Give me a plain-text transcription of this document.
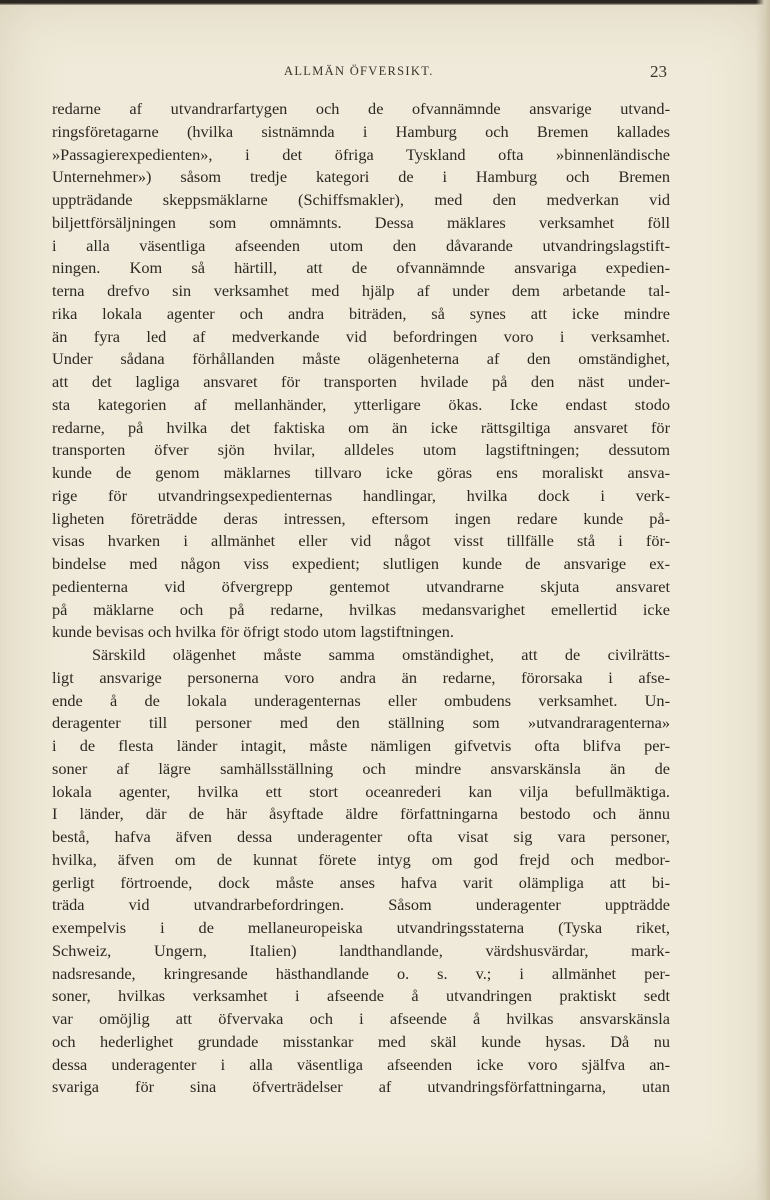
ALLMÄN ÖFVERSIKT.	23
redarne af utvandrarfartygen och de ofvannämnde ansvarige utvand-
ringsföretagarne (hvilka sistnämnda i Hamburg och Bremen kallades
»Passagierexpedienten», i det öfriga Tyskland ofta »binnenländische
Unternehmer») såsom tredje kategori de i Hamburg och Bremen
uppträdande skeppsmäklarne (Schiffsmakler), med den medverkan vid
biljettförsäljningen som omnämnts. Dessa mäklares verksamhet föll
i alla väsentliga afseenden utom den dåvarande utvandringslagstift-
ningen. Kom så härtill, att de ofvannämnde ansvariga expedien-
terna drefvo sin verksamhet med hjälp af under dem arbetande tal-
rika lokala agenter och andra biträden, så synes att icke mindre
än fyra led af medverkande vid befordringen voro i verksamhet.
Under sådana förhållanden måste olägenheterna af den omständighet,
att det lagliga ansvaret för transporten hvilade på den näst under-
sta kategorien af mellanhänder, ytterligare ökas. Icke endast stodo
redarne, på hvilka det faktiska om än icke rättsgiltiga ansvaret för
transporten öfver sjön hvilar, alldeles utom lagstiftningen; dessutom
kunde de genom mäklarnes tillvaro icke göras ens moraliskt ansva-
rige för utvandringsexpedienternas handlingar, hvilka dock i verk-
ligheten företrädde deras intressen, eftersom ingen redare kunde på-
visas hvarken i allmänhet eller vid något visst tillfälle stå i för-
bindelse med någon viss expedient; slutligen kunde de ansvarige ex-
pedienterna vid öfvergrepp gentemot utvandrarne skjuta ansvaret
på mäklarne och på redarne, hvilkas medansvarighet emellertid icke
kunde bevisas och hvilka för öfrigt stodo utom lagstiftningen.
Särskild olägenhet måste samma omständighet, att de civilrätts-
ligt ansvarige personerna voro andra än redarne, förorsaka i afse-
ende å de lokala underagenternas eller ombudens verksamhet. Un-
deragenter till personer med den ställning som »utvandraragenterna»
i de flesta länder intagit, måste nämligen gifvetvis ofta blifva per-
soner af lägre samhällsställning och mindre ansvarskänsla än de
lokala agenter, hvilka ett stort oceanrederi kan vilja befullmäktiga.
I länder, där de här åsyftade äldre författningarna bestodo och ännu
bestå, hafva äfven dessa underagenter ofta visat sig vara personer,
hvilka, äfven om de kunnat förete intyg om god frejd och medbor-
gerligt förtroende, dock måste anses hafva varit olämpliga att bi-
träda vid utvandrarbefordringen. Såsom underagenter uppträdde
exempelvis i de mellaneuropeiska utvandringsstaterna (Tyska riket,
Schweiz, Ungern, Italien) landthandlande, värdshusvärdar, mark-
nadsresande, kringresande hästhandlande o. s. v.; i allmänhet per-
soner, hvilkas verksamhet i afseende å utvandringen praktiskt sedt
var omöjlig att öfvervaka och i afseende å hvilkas ansvarskänsla
och hederlighet grundade misstankar med skäl kunde hysas. Då nu
dessa underagenter i alla väsentliga afseenden icke voro själfva an-
svariga för sina öfverträdelser af utvandringsförfattningarna, utan
